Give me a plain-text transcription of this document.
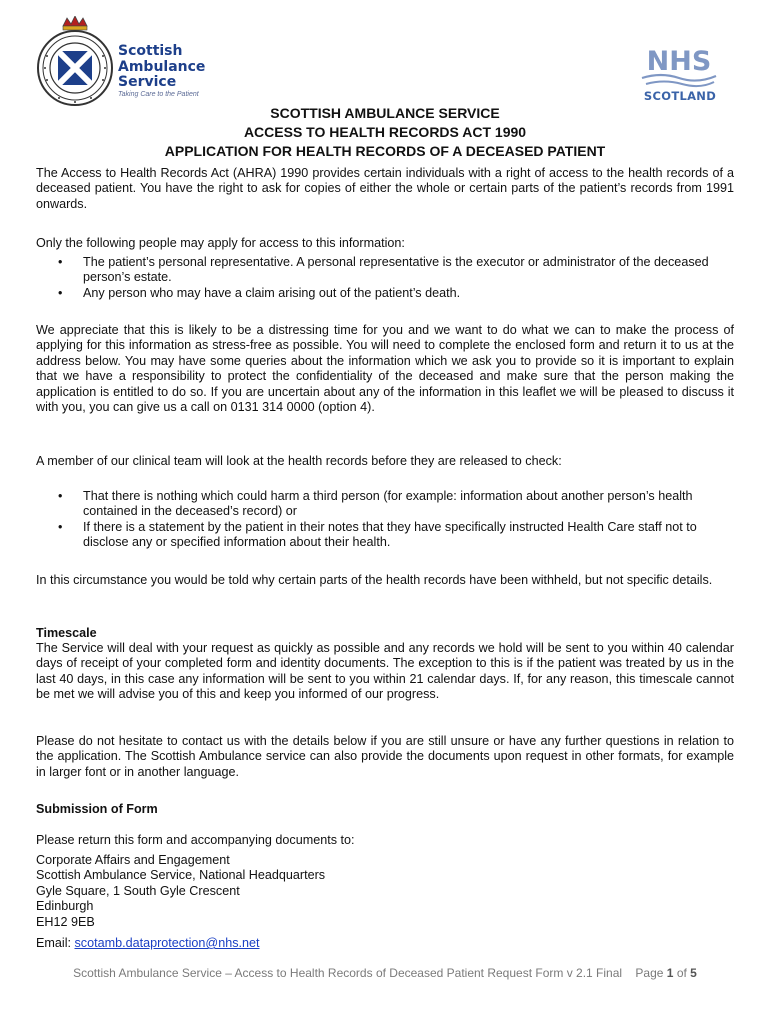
Scottish
Ambulance
Service
Taking Care to the Patient
NHS
SCOTLAND
SCOTTISH AMBULANCE SERVICE
ACCESS TO HEALTH RECORDS ACT 1990
APPLICATION FOR HEALTH RECORDS OF A DECEASED PATIENT

The Access to Health Records Act (AHRA) 1990 provides certain individuals with a right of access to the health records of a deceased patient. You have the right to ask for copies of either the whole or certain parts of the patient’s records from 1991 onwards.

Only the following people may apply for access to this information:

• The patient’s personal representative. A personal representative is the executor or administrator of the deceased person’s estate.
• Any person who may have a claim arising out of the patient’s death.

We appreciate that this is likely to be a distressing time for you and we want to do what we can to make the process of applying for this information as stress-free as possible. You will need to complete the enclosed form and return it to us at the address below. You may have some queries about the information which we ask you to provide so it is important to explain that we have a responsibility to protect the confidentiality of the deceased and make sure that the person making the application is entitled to do so. If you are uncertain about any of the information in this leaflet we will be pleased to discuss it with you, you can give us a call on 0131 314 0000 (option 4).

A member of our clinical team will look at the health records before they are released to check:

• That there is nothing which could harm a third person (for example: information about another person’s health contained in the deceased’s record) or
• If there is a statement by the patient in their notes that they have specifically instructed Health Care staff not to disclose any or specified information about their health.

In this circumstance you would be told why certain parts of the health records have been withheld, but not specific details.

Timescale

The Service will deal with your request as quickly as possible and any records we hold will be sent to you within 40 calendar days of receipt of your completed form and identity documents. The exception to this is if the patient was treated by us in the last 40 days, in this case any information will be sent to you within 21 calendar days. If, for any reason, this timescale cannot be met we will advise you of this and keep you informed of our progress.

Please do not hesitate to contact us with the details below if you are still unsure or have any further questions in relation to the application. The Scottish Ambulance service can also provide the documents upon request in other formats, for example in larger font or in another language.

Submission of Form
Please return this form and accompanying documents to:
Corporate Affairs and Engagement
Scottish Ambulance Service, National Headquarters
Gyle Square, 1 South Gyle Crescent
Edinburgh
EH12 9EB
Email: scotamb.dataprotection@nhs.net
Scottish Ambulance Service – Access to Health Records of Deceased Patient Request Form v 2.1 Final Page 1 of 5
